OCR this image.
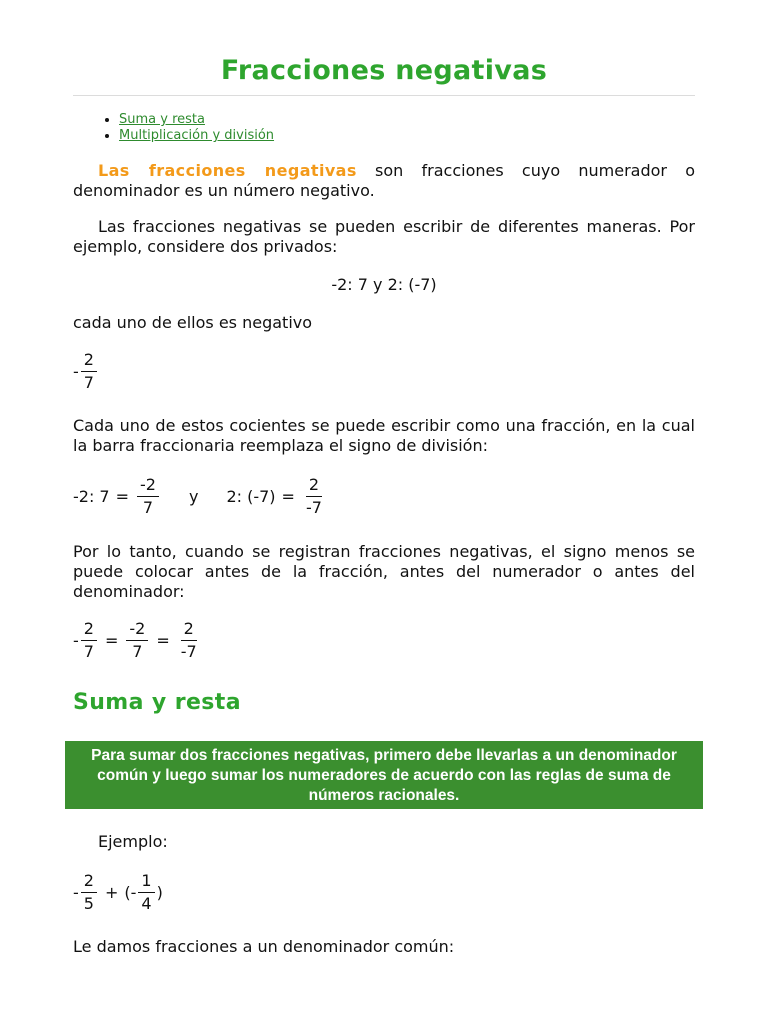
Fracciones negativas
• Suma y resta
• Multiplicación y división

Las fracciones negativas son fracciones cuyo numerador o denominador es un número negativo.

Las fracciones negativas se pueden escribir de diferentes maneras. Por ejemplo, considere dos privados:

-2: 7 y 2: (-7)

cada uno de ellos es negativo

- $\frac{2}{7}$

Cada uno de estos cocientes se puede escribir como una fracción, en la cual la barra fraccionaria reemplaza el signo de división:

-2: $7 = \frac{-2}{7}$ y 2: $(-7) = \frac{2}{-7}$

Por lo tanto, cuando se registran fracciones negativas, el signo menos se puede colocar antes de la fracción, antes del numerador o antes del denominador:

- $\frac{2}{7} = \frac{-2}{7} = \frac{2}{-7}$
Suma y resta
Para sumar dos fracciones negativas, primero debe llevarlas a un denominador común y luego sumar los numeradores de acuerdo con las reglas de suma de números racionales.

Ejemplo:

- $\frac{2}{5}$ + (- $\frac{1}{4}$ )

Le damos fracciones a un denominador común:
